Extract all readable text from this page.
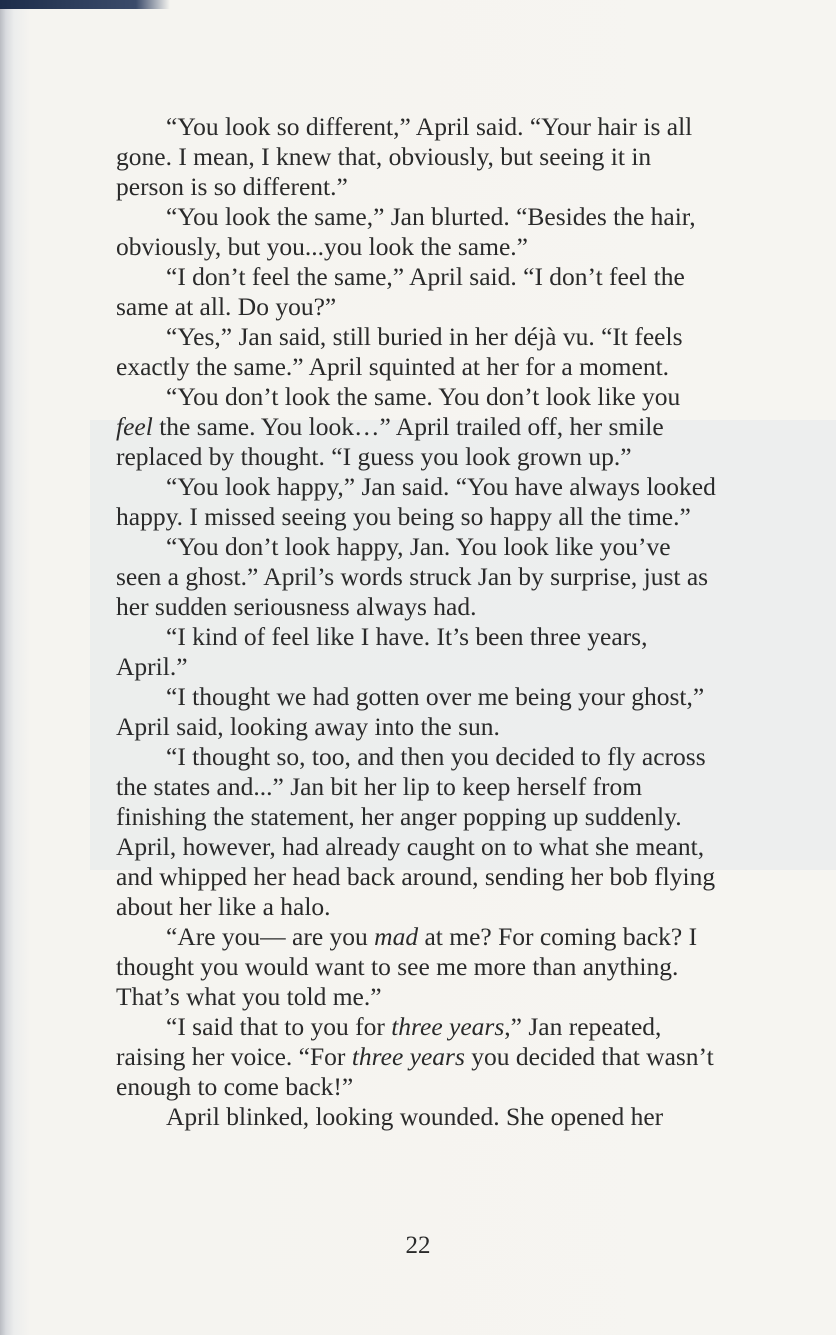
“You look so different,” April said. “Your hair is all gone. I mean, I knew that, obviously, but seeing it in person is so different.”

“You look the same,” Jan blurted. “Besides the hair, obviously, but you...you look the same.”

“I don’t feel the same,” April said. “I don’t feel the same at all. Do you?”

“Yes,” Jan said, still buried in her déjà vu. “It feels exactly the same.” April squinted at her for a moment.

“You don’t look the same. You don’t look like you feel the same. You look…” April trailed off, her smile replaced by thought. “I guess you look grown up.”

“You look happy,” Jan said. “You have always looked happy. I missed seeing you being so happy all the time.”

“You don’t look happy, Jan. You look like you’ve seen a ghost.” April’s words struck Jan by surprise, just as her sudden seriousness always had.

“I kind of feel like I have. It’s been three years, April.”

“I thought we had gotten over me being your ghost,” April said, looking away into the sun.

“I thought so, too, and then you decided to fly across the states and...” Jan bit her lip to keep herself from finishing the statement, her anger popping up suddenly. April, however, had already caught on to what she meant, and whipped her head back around, sending her bob flying about her like a halo.

“Are you— are you mad at me? For coming back? I thought you would want to see me more than anything. That’s what you told me.”

“I said that to you for three years,” Jan repeated, raising her voice. “For three years you decided that wasn’t enough to come back!”

April blinked, looking wounded. She opened her

22
